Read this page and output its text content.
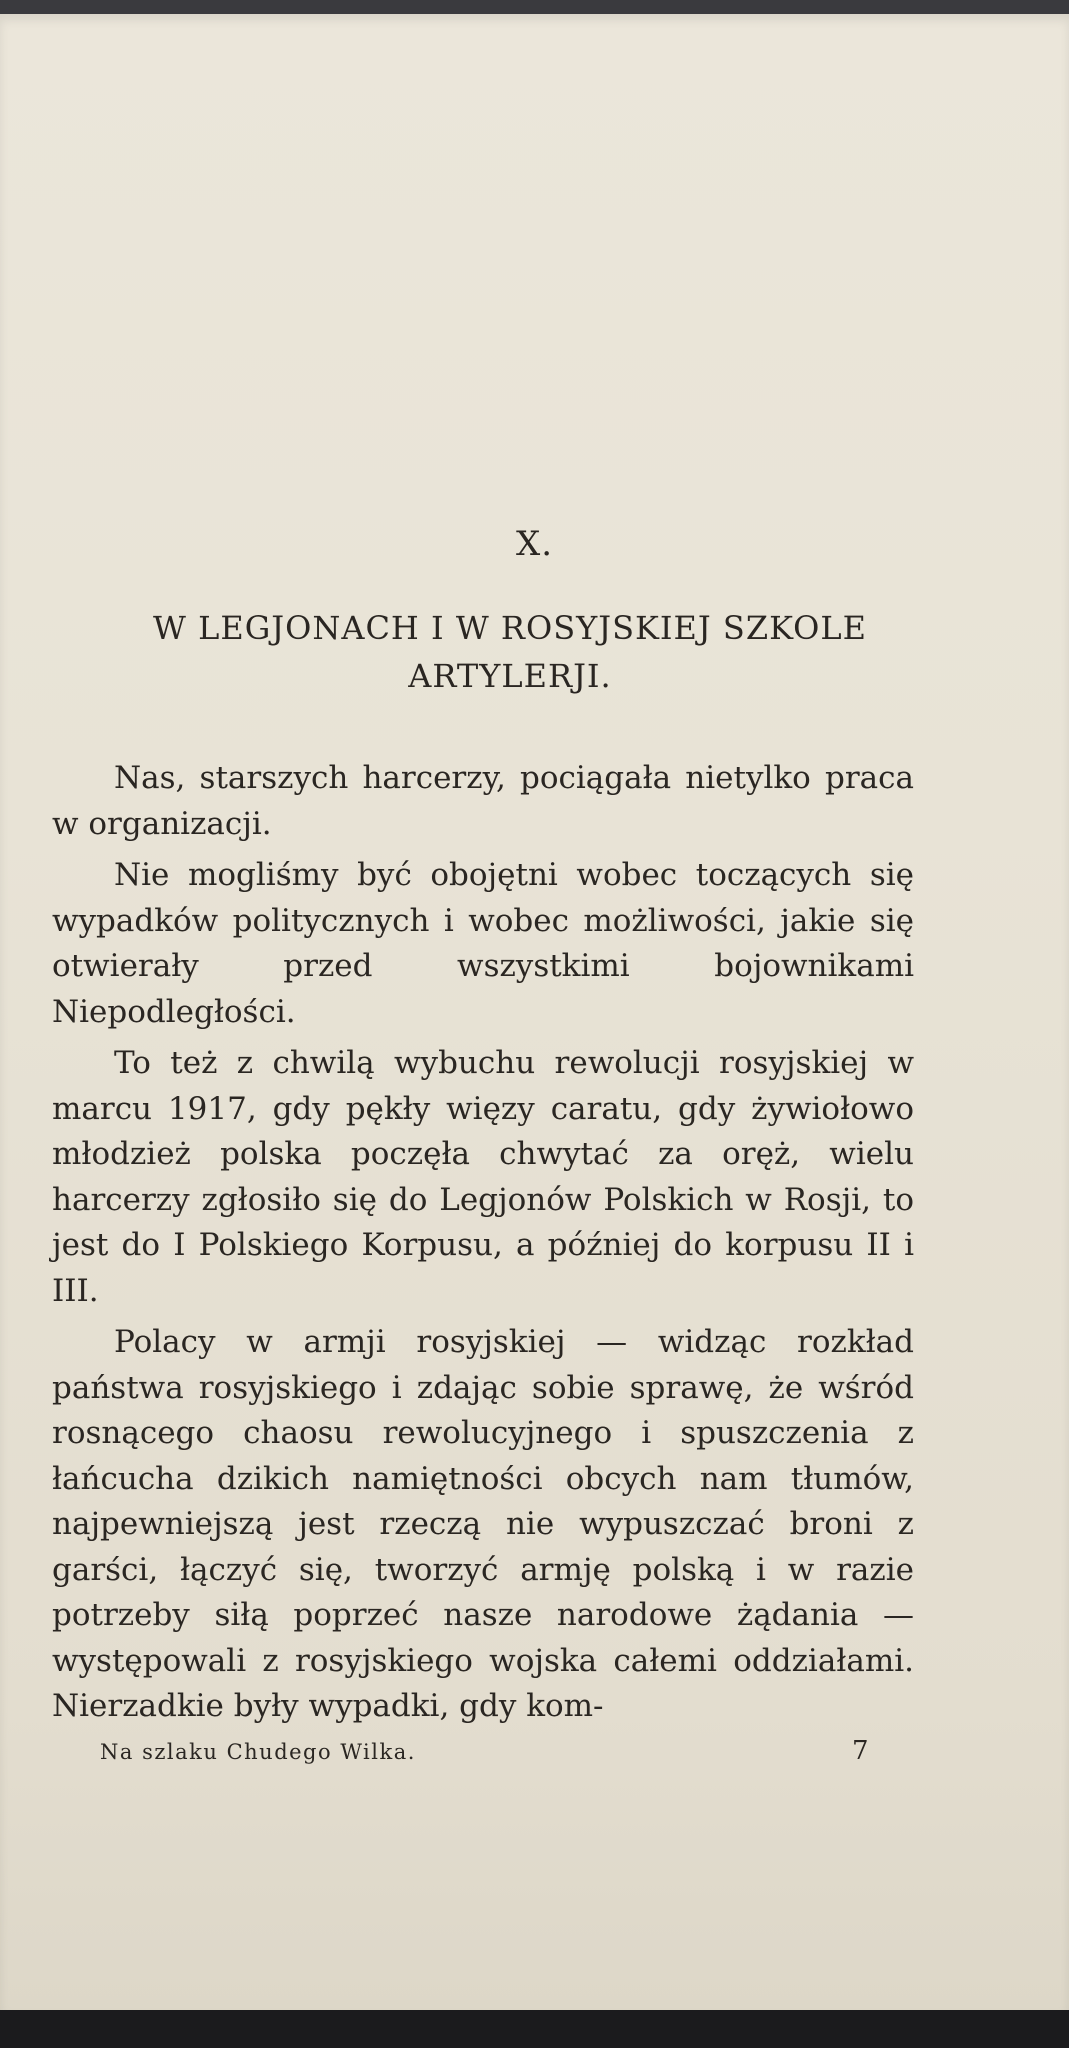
X.
W LEGJONACH I W ROSYJSKIEJ SZKOLE ARTYLERJI.

Nas, starszych harcerzy, pociągała nietylko praca w organizacji.

Nie mogliśmy być obojętni wobec toczących się wypadków politycznych i wobec możliwości, jakie się otwierały przed wszystkimi bojownikami Niepodległości.

To też z chwilą wybuchu rewolucji rosyjskiej w marcu 1917, gdy pękły więzy caratu, gdy żywiołowo młodzież polska poczęła chwytać za oręż, wielu harcerzy zgłosiło się do Legjonów Polskich w Rosji, to jest do I Polskiego Korpusu, a później do korpusu II i III.

Polacy w armji rosyjskiej — widząc rozkład państwa rosyjskiego i zdając sobie sprawę, że wśród rosnącego chaosu rewolucyjnego i spuszczenia z łańcucha dzikich namiętności obcych nam tłumów, najpewniejszą jest rzeczą nie wypuszczać broni z garści, łączyć się, tworzyć armję polską i w razie potrzeby siłą poprzeć nasze narodowe żądania — występowali z rosyjskiego wojska całemi oddziałami. Nierzadkie były wypadki, gdy kom-

Na szlaku Chudego Wilka.	7
